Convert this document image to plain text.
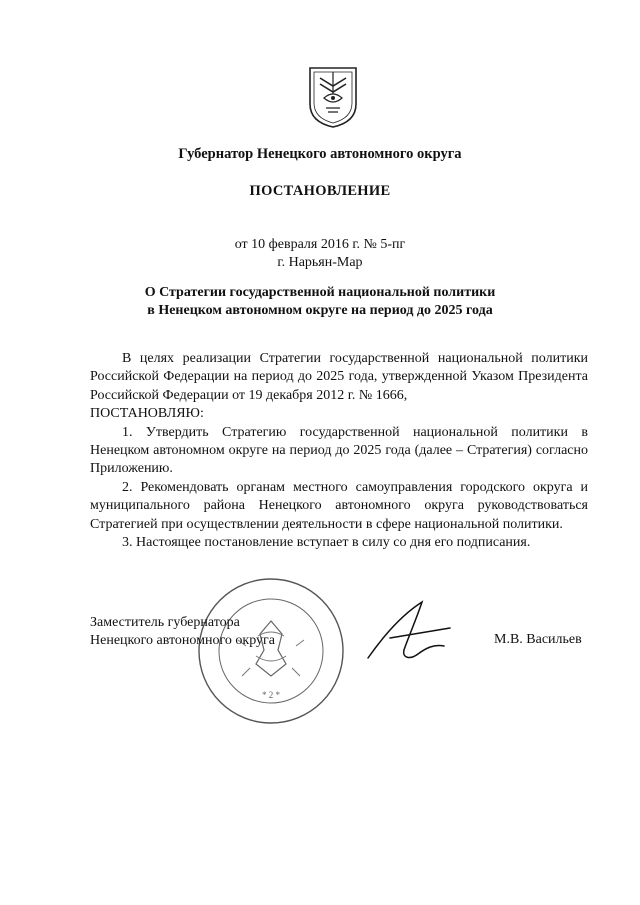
Губернатор Ненецкого автономного округа
ПОСТАНОВЛЕНИЕ
от 10 февраля 2016 г. № 5-пг
г. Нарьян-Мар
О Стратегии государственной национальной политики
в Ненецком автономном округе на период до 2025 года

В целях реализации Стратегии государственной национальной политики Российской Федерации на период до 2025 года, утвержденной Указом Президента Российской Федерации от 19 декабря 2012 г. № 1666,

ПОСТАНОВЛЯЮ:

1. Утвердить Стратегию государственной национальной политики в Ненецком автономном округе на период до 2025 года (далее – Стратегия) согласно Приложению.

2. Рекомендовать органам местного самоуправления городского округа и муниципального района Ненецкого автономного округа руководствоваться Стратегией при осуществлении деятельности в сфере национальной политики.

3. Настоящее постановление вступает в силу со дня его подписания.

* 2 *
Заместитель губернатора
Ненецкого автономного округа	М.В. Васильев
